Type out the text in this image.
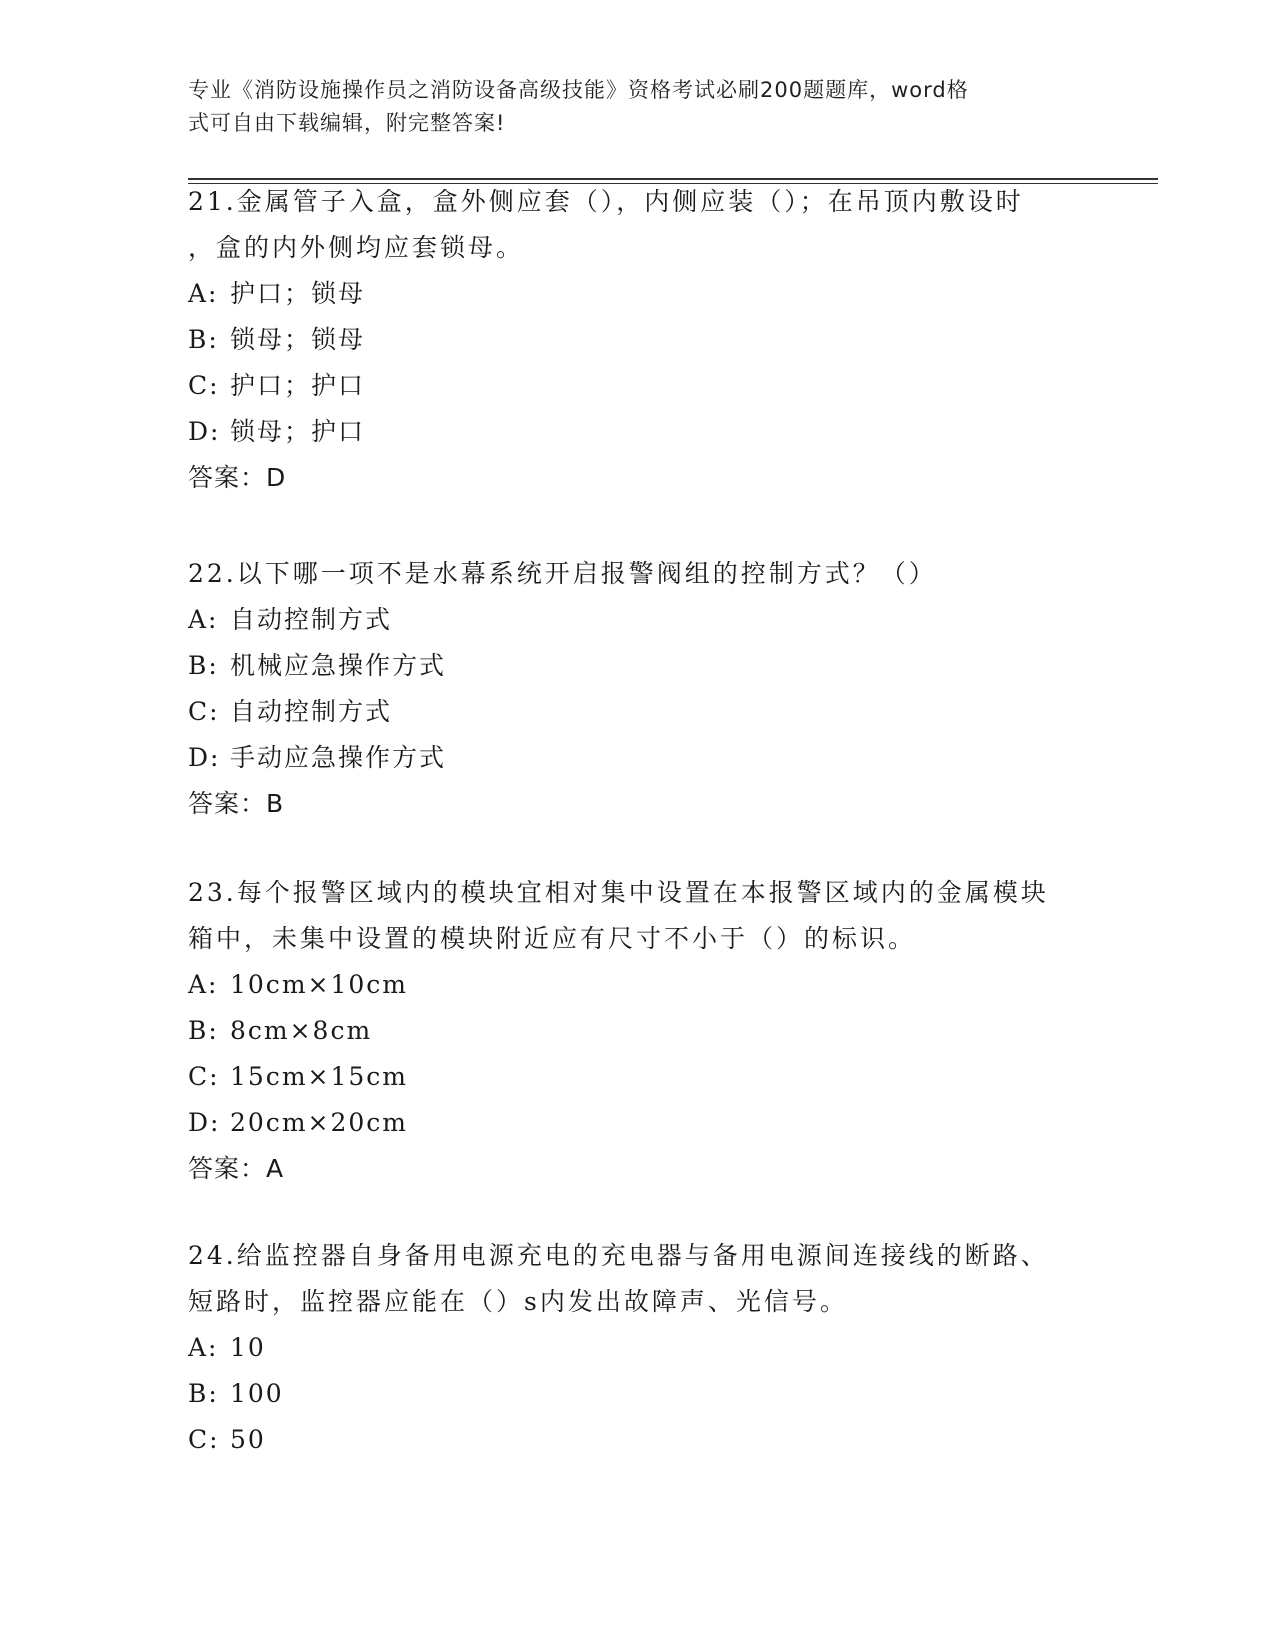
专业《消防设施操作员之消防设备高级技能》资格考试必刷200题题库，word格
式可自由下载编辑，附完整答案!

21.金属管子入盒，盒外侧应套（），内侧应装（）；在吊顶内敷设时

，盒的内外侧均应套锁母。

A: 护口；锁母

B: 锁母；锁母

C: 护口；护口

D: 锁母；护口

答案：D

22.以下哪一项不是水幕系统开启报警阀组的控制方式？（）

A: 自动控制方式

B: 机械应急操作方式

C: 自动控制方式

D: 手动应急操作方式

答案：B

23.每个报警区域内的模块宜相对集中设置在本报警区域内的金属模块

箱中，未集中设置的模块附近应有尺寸不小于（）的标识。

A: 10cm×10cm

B: 8cm×8cm

C: 15cm×15cm

D: 20cm×20cm

答案：A

24.给监控器自身备用电源充电的充电器与备用电源间连接线的断路、

短路时，监控器应能在（）s内发出故障声、光信号。

A: 10

B: 100

C: 50
